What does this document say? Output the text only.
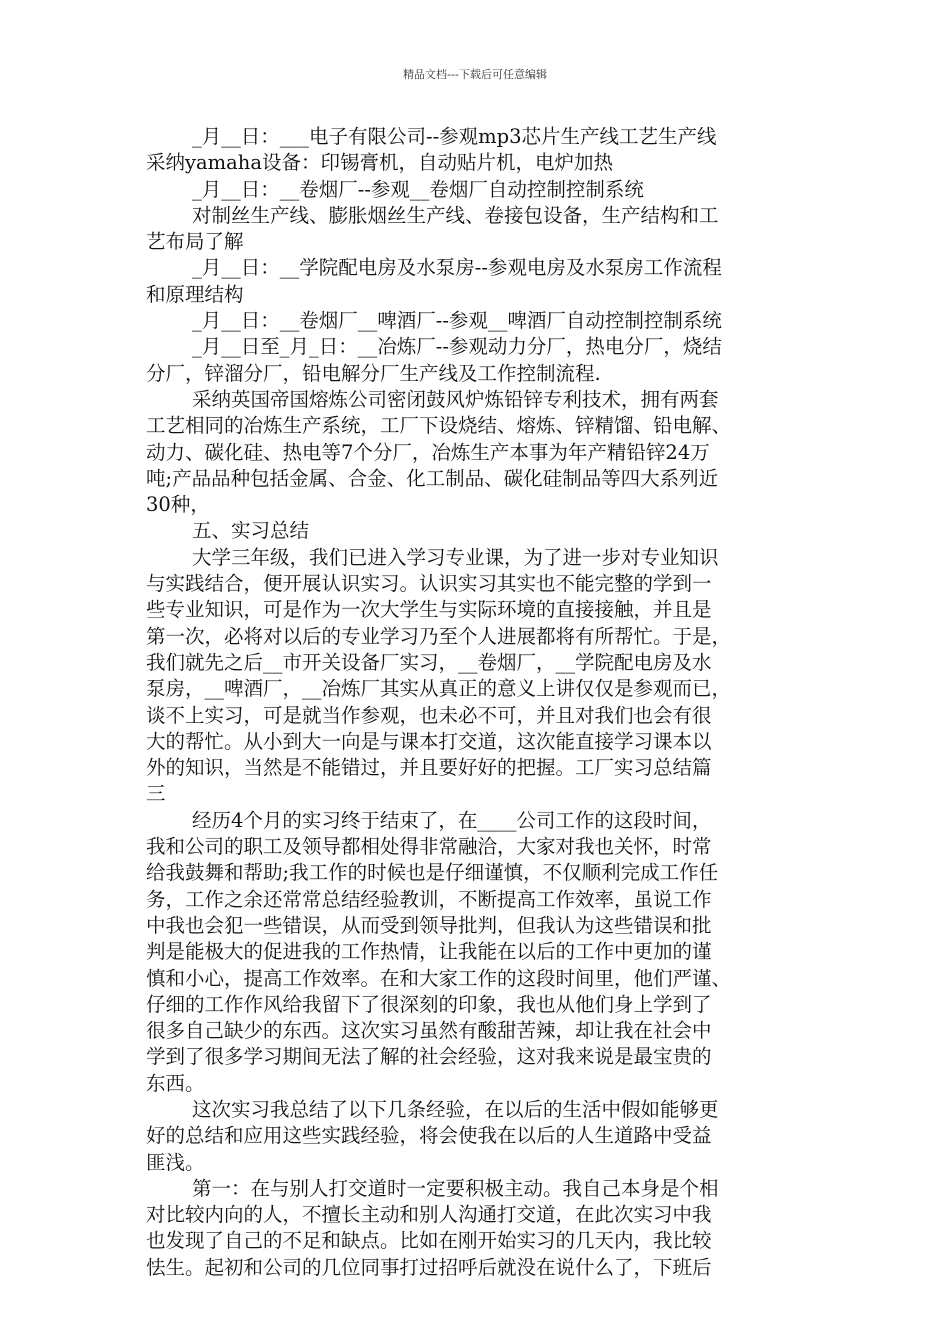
精品文档---下载后可任意编辑
_月__日：___电子有限公司--参观mp3芯片生产线工艺生产线
采纳yamaha设备：印锡膏机，自动贴片机，电炉加热
_月__日：__卷烟厂--参观__卷烟厂自动控制控制系统
对制丝生产线、膨胀烟丝生产线、卷接包设备，生产结构和工
艺布局了解
_月__日：__学院配电房及水泵房--参观电房及水泵房工作流程
和原理结构
_月__日：__卷烟厂__啤酒厂--参观__啤酒厂自动控制控制系统
_月__日至_月_日：__冶炼厂--参观动力分厂，热电分厂，烧结
分厂，锌溜分厂，铅电解分厂生产线及工作控制流程.
采纳英国帝国熔炼公司密闭鼓风炉炼铅锌专利技术，拥有两套
工艺相同的冶炼生产系统，工厂下设烧结、熔炼、锌精馏、铅电解、
动力、碳化硅、热电等7个分厂，冶炼生产本事为年产精铅锌24万
吨;产品品种包括金属、合金、化工制品、碳化硅制品等四大系列近
30种，
五、实习总结
大学三年级，我们已进入学习专业课，为了进一步对专业知识
与实践结合，便开展认识实习。认识实习其实也不能完整的学到一
些专业知识，可是作为一次大学生与实际环境的直接接触，并且是
第一次，必将对以后的专业学习乃至个人进展都将有所帮忙。于是，
我们就先之后__市开关设备厂实习，__卷烟厂，__学院配电房及水
泵房，__啤酒厂，__冶炼厂其实从真正的意义上讲仅仅是参观而已，
谈不上实习，可是就当作参观，也未必不可，并且对我们也会有很
大的帮忙。从小到大一向是与课本打交道，这次能直接学习课本以
外的知识，当然是不能错过，并且要好好的把握。工厂实习总结篇
三
经历4个月的实习终于结束了，在____公司工作的这段时间，
我和公司的职工及领导都相处得非常融洽，大家对我也关怀，时常
给我鼓舞和帮助;我工作的时候也是仔细谨慎，不仅顺利完成工作任
务，工作之余还常常总结经验教训，不断提高工作效率，虽说工作
中我也会犯一些错误，从而受到领导批判，但我认为这些错误和批
判是能极大的促进我的工作热情，让我能在以后的工作中更加的谨
慎和小心，提高工作效率。在和大家工作的这段时间里，他们严谨、
仔细的工作作风给我留下了很深刻的印象，我也从他们身上学到了
很多自己缺少的东西。这次实习虽然有酸甜苦辣，却让我在社会中
学到了很多学习期间无法了解的社会经验，这对我来说是最宝贵的
东西。
这次实习我总结了以下几条经验，在以后的生活中假如能够更
好的总结和应用这些实践经验，将会使我在以后的人生道路中受益
匪浅。
第一：在与别人打交道时一定要积极主动。我自己本身是个相
对比较内向的人，不擅长主动和别人沟通打交道，在此次实习中我
也发现了自己的不足和缺点。比如在刚开始实习的几天内，我比较
怯生。起初和公司的几位同事打过招呼后就没在说什么了，下班后
